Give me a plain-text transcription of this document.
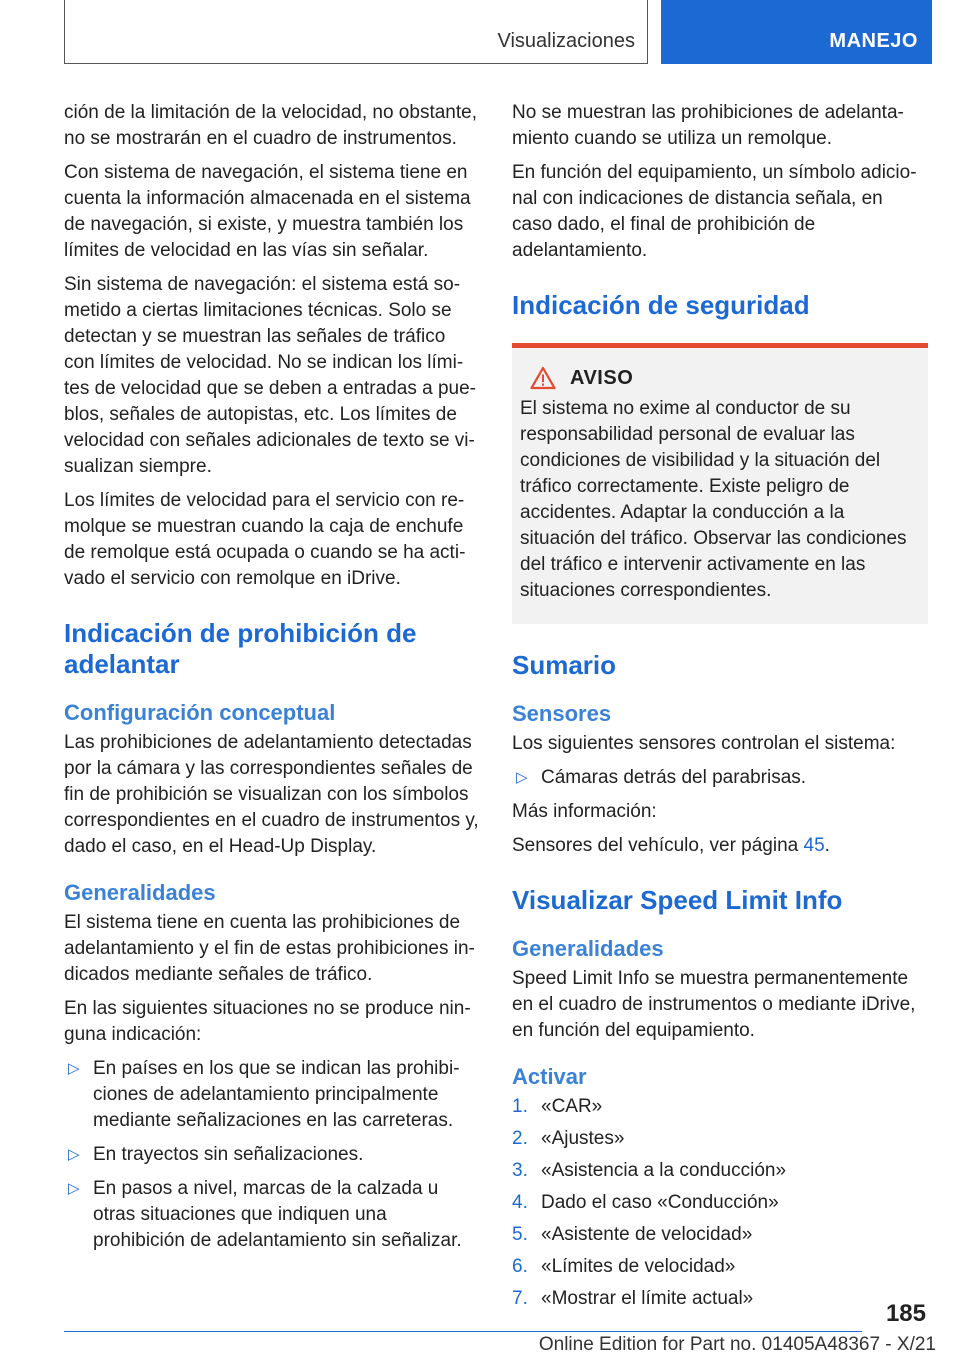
Visualizaciones	MANEJO

ción de la limitación de la velocidad, no obstante, no se mostrarán en el cuadro de instrumentos.

Con sistema de navegación, el sistema tiene en cuenta la información almacenada en el sistema de navegación, si existe, y muestra también los límites de velocidad en las vías sin señalar.

Sin sistema de navegación: el sistema está sometido a ciertas limitaciones técnicas. Solo se detectan y se muestran las señales de tráfico con límites de velocidad. No se indican los límites de velocidad que se deben a entradas a pueblos, señales de autopistas, etc. Los límites de velocidad con señales adicionales de texto se visualizan siempre.

Los límites de velocidad para el servicio con remolque se muestran cuando la caja de enchufe de remolque está ocupada o cuando se ha activado el servicio con remolque en iDrive.

Indicación de prohibición de adelantar
Configuración conceptual

Las prohibiciones de adelantamiento detectadas por la cámara y las correspondientes señales de fin de prohibición se visualizan con los símbolos correspondientes en el cuadro de instrumentos y, dado el caso, en el Head-Up Display.

Generalidades

El sistema tiene en cuenta las prohibiciones de adelantamiento y el fin de estas prohibiciones indicados mediante señales de tráfico.

En las siguientes situaciones no se produce ninguna indicación:

▷ En países en los que se indican las prohibiciones de adelantamiento principalmente mediante señalizaciones en las carreteras.
▷ En trayectos sin señalizaciones.
▷ En pasos a nivel, marcas de la calzada u otras situaciones que indiquen una prohibición de adelantamiento sin señalizar.

No se muestran las prohibiciones de adelantamiento cuando se utiliza un remolque.

En función del equipamiento, un símbolo adicional con indicaciones de distancia señala, en caso dado, el final de prohibición de adelantamiento.

Indicación de seguridad
AVISO

El sistema no exime al conductor de su responsabilidad personal de evaluar las condiciones de visibilidad y la situación del tráfico correctamente. Existe peligro de accidentes. Adaptar la conducción a la situación del tráfico. Observar las condiciones del tráfico e intervenir activamente en las situaciones correspondientes.

Sumario
Sensores

Los siguientes sensores controlan el sistema:

▷ Cámaras detrás del parabrisas.

Más información:

Sensores del vehículo, ver página 45.

Visualizar Speed Limit Info
Generalidades

Speed Limit Info se muestra permanentemente en el cuadro de instrumentos o mediante iDrive, en función del equipamiento.

Activar
1. «CAR»
2. «Ajustes»
3. «Asistencia a la conducción»
4. Dado el caso «Conducción»
5. «Asistente de velocidad»
6. «Límites de velocidad»
7. «Mostrar el límite actual»
185
Online Edition for Part no. 01405A48367 - X/21
